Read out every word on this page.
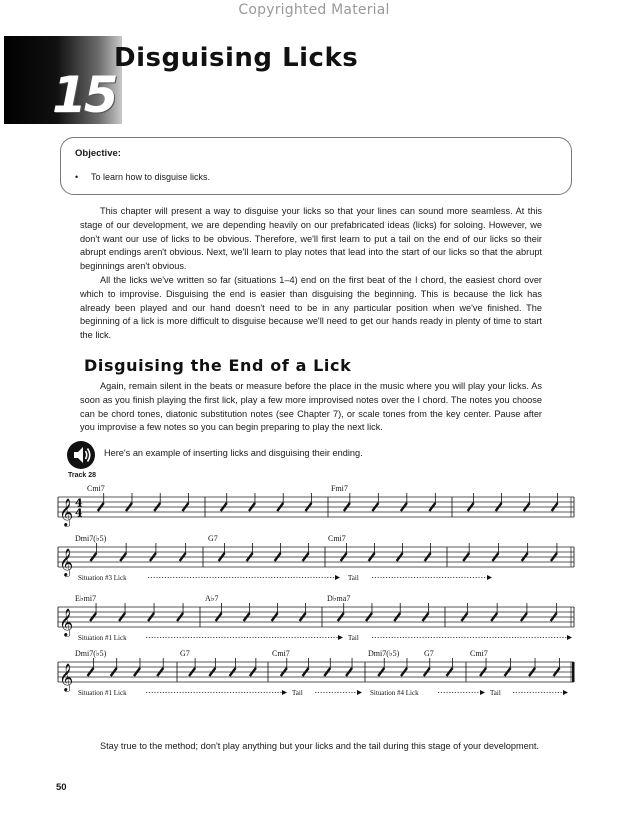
Copyrighted Material
15
Disguising Licks
Objective:
• To learn how to disguise licks.

This chapter will present a way to disguise your licks so that your lines can sound more seamless. At this stage of our development, we are depending heavily on our prefabricated ideas (licks) for soloing. However, we don't want our use of licks to be obvious. Therefore, we'll first learn to put a tail on the end of our licks so their abrupt endings aren't obvious. Next, we'll learn to play notes that lead into the start of our licks so that the abrupt beginnings aren't obvious.

All the licks we've written so far (situations 1–4) end on the first beat of the I chord, the easiest chord over which to improvise. Disguising the end is easier than disguising the beginning. This is because the lick has already been played and our hand doesn't need to be in any particular position when we've finished. The beginning of a lick is more difficult to disguise because we'll need to get our hands ready in plenty of time to start the lick.

Disguising the End of a Lick

Again, remain silent in the beats or measure before the place in the music where you will play your licks. As soon as you finish playing the first lick, play a few more improvised notes over the I chord. The notes you choose can be chord tones, diatonic substitution notes (see Chapter 7), or scale tones from the key center. Pause after you improvise a few notes so you can begin preparing to play the next lick.

Track 28
Here's an example of inserting licks and disguising their ending.
𝄞 4
4
Cmi7	Fmi7
𝄞
Dmi7(♭5)	G7	Cmi7
Situation #3 Lick	Tail
𝄞
E♭mi7	A♭7	D♭ma7
Situation #1 Lick	Tail
𝄞
Dmi7(♭5)	G7	Cmi7	Dmi7(♭5)	G7	Cmi7
Situation #1 Lick	Tail	Situation #4 Lick	Tail

Stay true to the method; don't play anything but your licks and the tail during this stage of your development.

50
